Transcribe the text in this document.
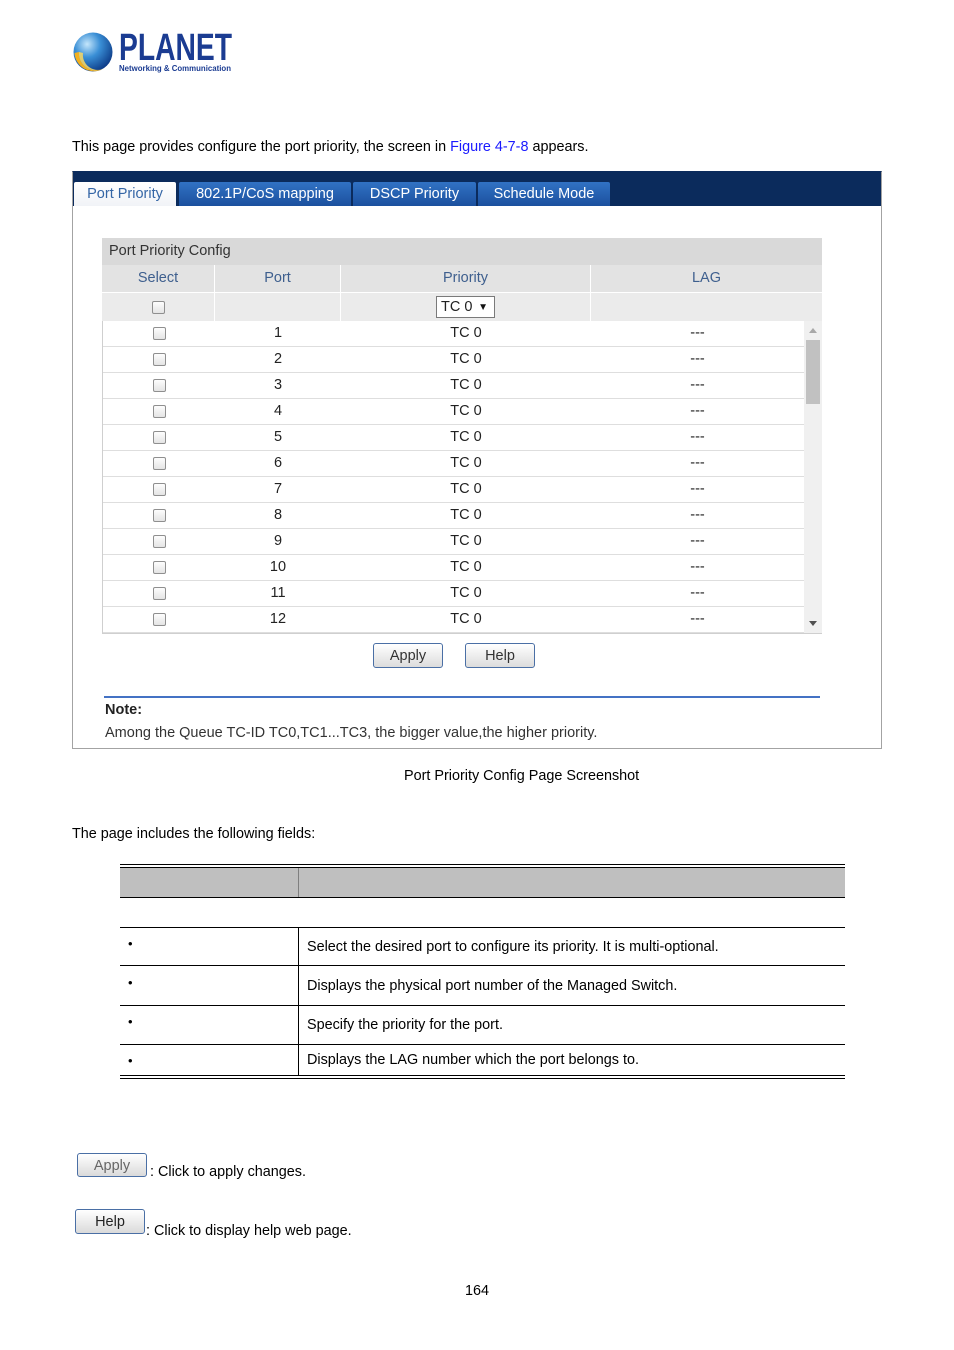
PLANET
Networking & Communication
This page provides configure the port priority, the screen in Figure 4-7-8 appears.
Port Priority	802.1P/CoS mapping	DSCP Priority	Schedule Mode
Port Priority Config
Select	Port	Priority	LAG
TC 0 ▼
1	TC 0	---
2	TC 0	---
3	TC 0	---
4	TC 0	---
5	TC 0	---
6	TC 0	---
7	TC 0	---
8	TC 0	---
9	TC 0	---
10	TC 0	---
11	TC 0	---
12	TC 0	---
Apply	Help
Note:
Among the Queue TC-ID TC0,TC1...TC3, the bigger value,the higher priority.
Port Priority Config Page Screenshot
The page includes the following fields:
•	Select the desired port to configure its priority. It is multi-optional.
•	Displays the physical port number of the Managed Switch.
•	Specify the priority for the port.
•	Displays the LAG number which the port belongs to.
Apply	: Click to apply changes.
Help
: Click to display help web page.
164
